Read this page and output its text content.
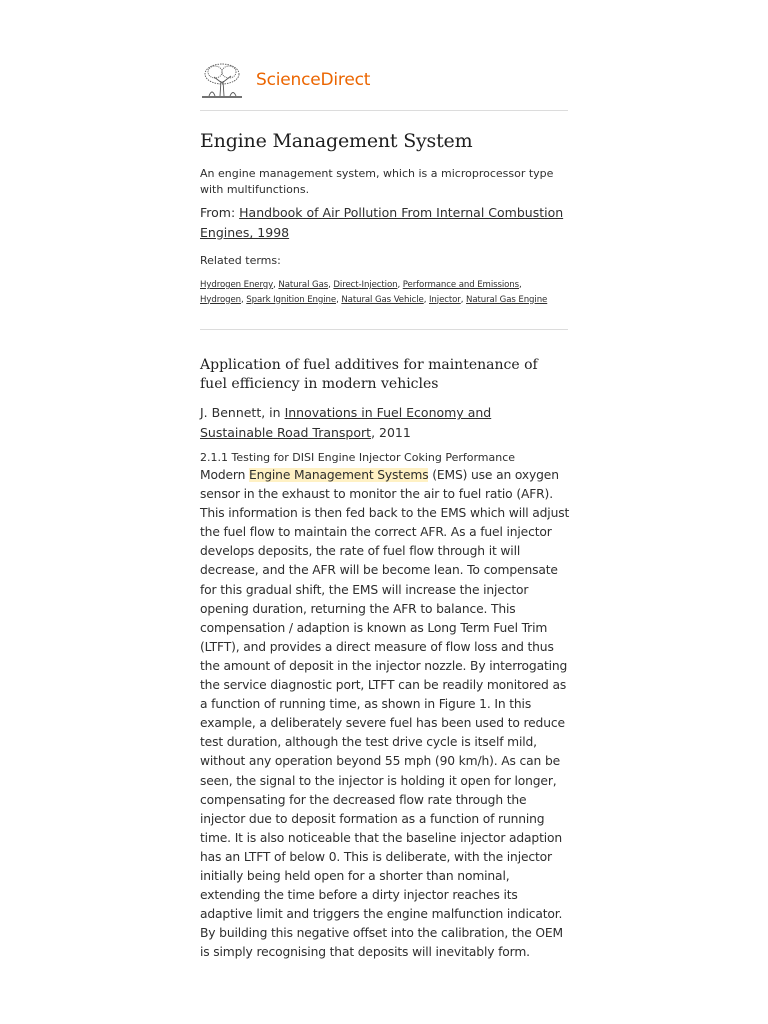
ScienceDirect
Engine Management System

An engine management system, which is a microprocessor type with multifunctions.

From: Handbook of Air Pollution From Internal Combustion Engines, 1998

Related terms:

Hydrogen Energy, Natural Gas, Direct-Injection, Performance and Emissions,
Hydrogen, Spark Ignition Engine, Natural Gas Vehicle, Injector, Natural Gas Engine

Application of fuel additives for maintenance of fuel efficiency in modern vehicles

J. Bennett, in Innovations in Fuel Economy and Sustainable Road Transport, 2011

2.1.1 Testing for DISI Engine Injector Coking Performance

Modern Engine Management Systems (EMS) use an oxygen sensor in the exhaust to monitor the air to fuel ratio (AFR). This information is then fed back to the EMS which will adjust the fuel flow to maintain the correct AFR. As a fuel injector develops deposits, the rate of fuel flow through it will decrease, and the AFR will be become lean. To compensate for this gradual shift, the EMS will increase the injector opening duration, returning the AFR to balance. This compensation / adaption is known as Long Term Fuel Trim (LTFT), and provides a direct measure of flow loss and thus the amount of deposit in the injector nozzle. By interrogating the service diagnostic port, LTFT can be readily monitored as a function of running time, as shown in Figure 1. In this example, a deliberately severe fuel has been used to reduce test duration, although the test drive cycle is itself mild, without any operation beyond 55 mph (90 km/h). As can be seen, the signal to the injector is holding it open for longer, compensating for the decreased flow rate through the injector due to deposit formation as a function of running time. It is also noticeable that the baseline injector adaption has an LTFT of below 0. This is deliberate, with the injector initially being held open for a shorter than nominal, extending the time before a dirty injector reaches its adaptive limit and triggers the engine malfunction indicator. By building this negative offset into the calibration, the OEM is simply recognising that deposits will inevitably form.
